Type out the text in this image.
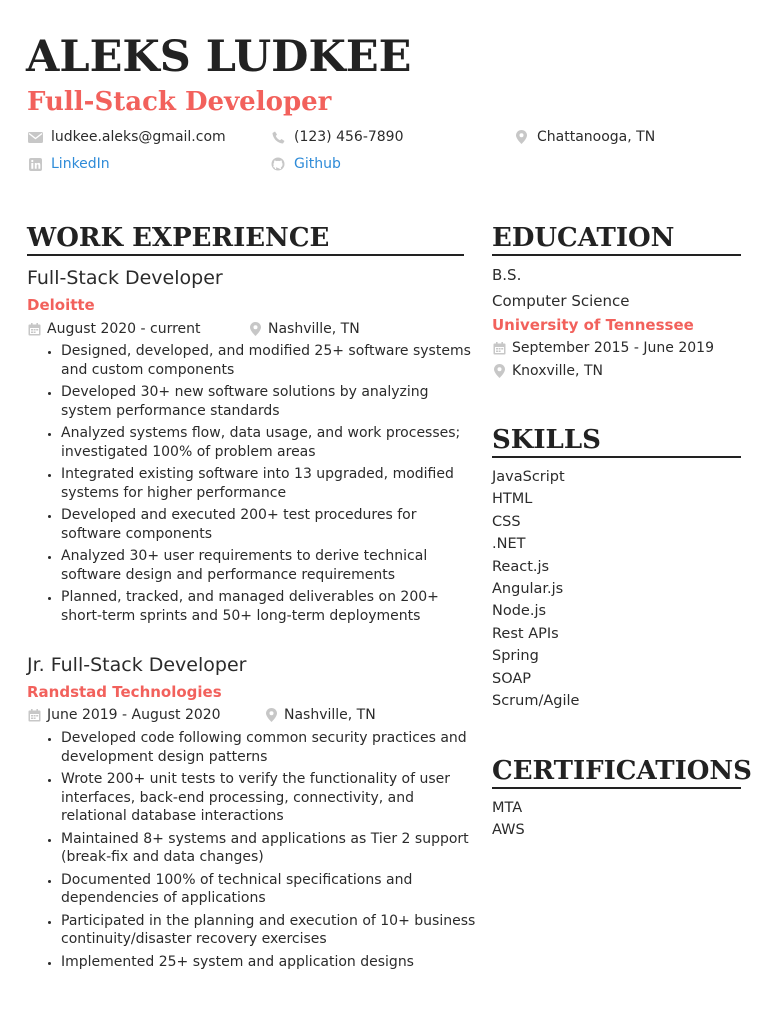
ALEKS LUDKEE
Full-Stack Developer
ludkee.aleks@gmail.com	(123) 456-7890	Chattanooga, TN
LinkedIn	Github
WORK EXPERIENCE
Full-Stack Developer

Deloitte

August 2020 - current	Nashville, TN
• Designed, developed, and modified 25+ software systems and custom components
• Developed 30+ new software solutions by analyzing system performance standards
• Analyzed systems flow, data usage, and work processes; investigated 100% of problem areas
• Integrated existing software into 13 upgraded, modified systems for higher performance
• Developed and executed 200+ test procedures for software components
• Analyzed 30+ user requirements to derive technical software design and performance requirements
• Planned, tracked, and managed deliverables on 200+ short-term sprints and 50+ long-term deployments
Jr. Full-Stack Developer

Randstad Technologies

June 2019 - August 2020	Nashville, TN
• Developed code following common security practices and development design patterns
• Wrote 200+ unit tests to verify the functionality of user interfaces, back-end processing, connectivity, and relational database interactions
• Maintained 8+ systems and applications as Tier 2 support (break-fix and data changes)
• Documented 100% of technical specifications and dependencies of applications
• Participated in the planning and execution of 10+ business continuity/disaster recovery exercises
• Implemented 25+ system and application designs
EDUCATION

B.S.

Computer Science

University of Tennessee

September 2015 - June 2019
Knoxville, TN
SKILLS
JavaScript
HTML
CSS
.NET
React.js
Angular.js
Node.js
Rest APIs
Spring
SOAP
Scrum/Agile
CERTIFICATIONS
MTA
AWS
